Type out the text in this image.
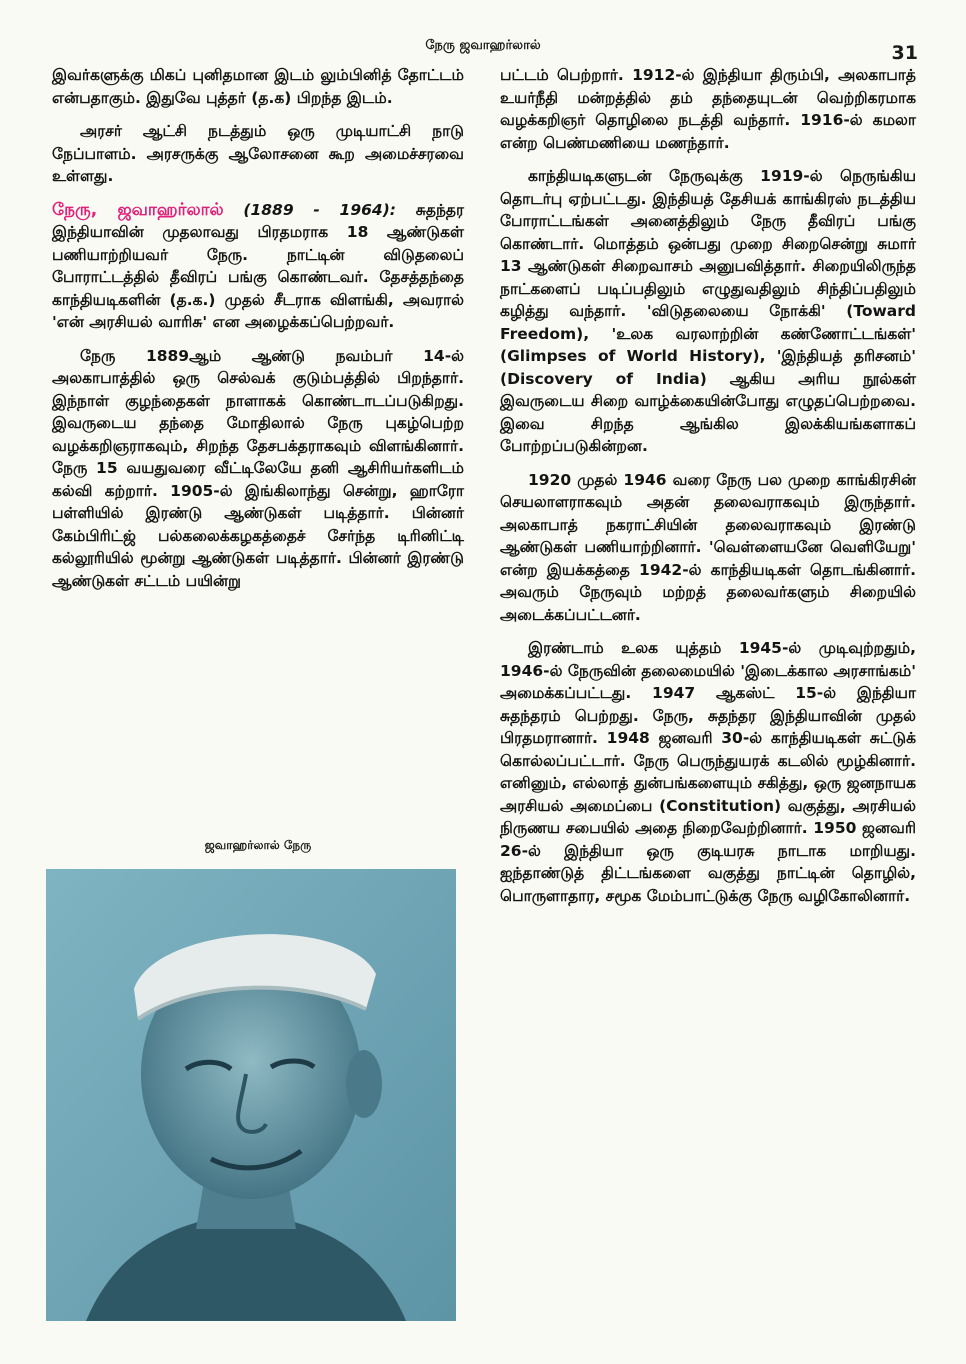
நேரு ஜவாஹர்லால்	31

இவர்களுக்கு மிகப் புனிதமான இடம் லும்பினித் தோட்டம் என்பதாகும். இதுவே புத்தர் (த.க) பிறந்த இடம்.

அரசர் ஆட்சி நடத்தும் ஒரு முடியாட்சி நாடு நேப்பாளம். அரசருக்கு ஆலோசனை கூற அமைச்சரவை உள்ளது.

நேரு, ஜவாஹர்லால் (1889 - 1964): சுதந்தர இந்தியாவின் முதலாவது பிரதமராக 18 ஆண்டுகள் பணியாற்றியவர் நேரு. நாட்டின் விடுதலைப் போராட்டத்தில் தீவிரப் பங்கு கொண்டவர். தேசத்தந்தை காந்தியடிகளின் (த.க.) முதல் சீடராக விளங்கி, அவரால் 'என் அரசியல் வாரிசு' என அழைக்கப்பெற்றவர்.

நேரு 1889ஆம் ஆண்டு நவம்பர் 14-ல் அலகாபாத்தில் ஒரு செல்வக் குடும்பத்தில் பிறந்தார். இந்நாள் குழந்தைகள் நாளாகக் கொண்டாடப்படுகிறது. இவருடைய தந்தை மோதிலால் நேரு புகழ்பெற்ற வழக்கறிஞராகவும், சிறந்த தேசபக்தராகவும் விளங்கினார். நேரு 15 வயதுவரை வீட்டிலேயே தனி ஆசிரியர்களிடம் கல்வி கற்றார். 1905-ல் இங்கிலாந்து சென்று, ஹாரோ பள்ளியில் இரண்டு ஆண்டுகள் படித்தார். பின்னர் கேம்பிரிட்ஜ் பல்கலைக்கழகத்தைச் சேர்ந்த டிரினிட்டி கல்லூரியில் மூன்று ஆண்டுகள் படித்தார். பின்னர் இரண்டு ஆண்டுகள் சட்டம் பயின்று

ஜவாஹர்லால் நேரு

பட்டம் பெற்றார். 1912-ல் இந்தியா திரும்பி, அலகாபாத் உயர்நீதி மன்றத்தில் தம் தந்தையுடன் வெற்றிகரமாக வழக்கறிஞர் தொழிலை நடத்தி வந்தார். 1916-ல் கமலா என்ற பெண்மணியை மணந்தார்.

காந்தியடிகளுடன் நேருவுக்கு 1919-ல் நெருங்கிய தொடர்பு ஏற்பட்டது. இந்தியத் தேசியக் காங்கிரஸ் நடத்திய போராட்டங்கள் அனைத்திலும் நேரு தீவிரப் பங்கு கொண்டார். மொத்தம் ஒன்பது முறை சிறைசென்று சுமார் 13 ஆண்டுகள் சிறைவாசம் அனுபவித்தார். சிறையிலிருந்த நாட்களைப் படிப்பதிலும் எழுதுவதிலும் சிந்திப்பதிலும் கழித்து வந்தார். 'விடுதலையை நோக்கி' (Toward Freedom), 'உலக வரலாற்றின் கண்ணோட்டங்கள்' (Glimpses of World History), 'இந்தியத் தரிசனம்' (Discovery of India) ஆகிய அரிய நூல்கள் இவருடைய சிறை வாழ்க்கையின்போது எழுதப்பெற்றவை. இவை சிறந்த ஆங்கில இலக்கியங்களாகப் போற்றப்படுகின்றன.

1920 முதல் 1946 வரை நேரு பல முறை காங்கிரசின் செயலாளராகவும் அதன் தலைவராகவும் இருந்தார். அலகாபாத் நகராட்சியின் தலைவராகவும் இரண்டு ஆண்டுகள் பணியாற்றினார். 'வெள்ளையனே வெளியேறு' என்ற இயக்கத்தை 1942-ல் காந்தியடிகள் தொடங்கினார். அவரும் நேருவும் மற்றத் தலைவர்களும் சிறையில் அடைக்கப்பட்டனர்.

இரண்டாம் உலக யுத்தம் 1945-ல் முடிவுற்றதும், 1946-ல் நேருவின் தலைமையில் 'இடைக்கால அரசாங்கம்' அமைக்கப்பட்டது. 1947 ஆகஸ்ட் 15-ல் இந்தியா சுதந்தரம் பெற்றது. நேரு, சுதந்தர இந்தியாவின் முதல் பிரதமரானார். 1948 ஜனவரி 30-ல் காந்தியடிகள் சுட்டுக் கொல்லப்பட்டார். நேரு பெருந்துயரக் கடலில் மூழ்கினார். எனினும், எல்லாத் துன்பங்களையும் சகித்து, ஒரு ஜனநாயக அரசியல் அமைப்பை (Constitution) வகுத்து, அரசியல் நிருணய சபையில் அதை நிறைவேற்றினார். 1950 ஜனவரி 26-ல் இந்தியா ஒரு குடியரசு நாடாக மாறியது. ஐந்தாண்டுத் திட்டங்களை வகுத்து நாட்டின் தொழில், பொருளாதார, சமூக மேம்பாட்டுக்கு நேரு வழிகோலினார்.
